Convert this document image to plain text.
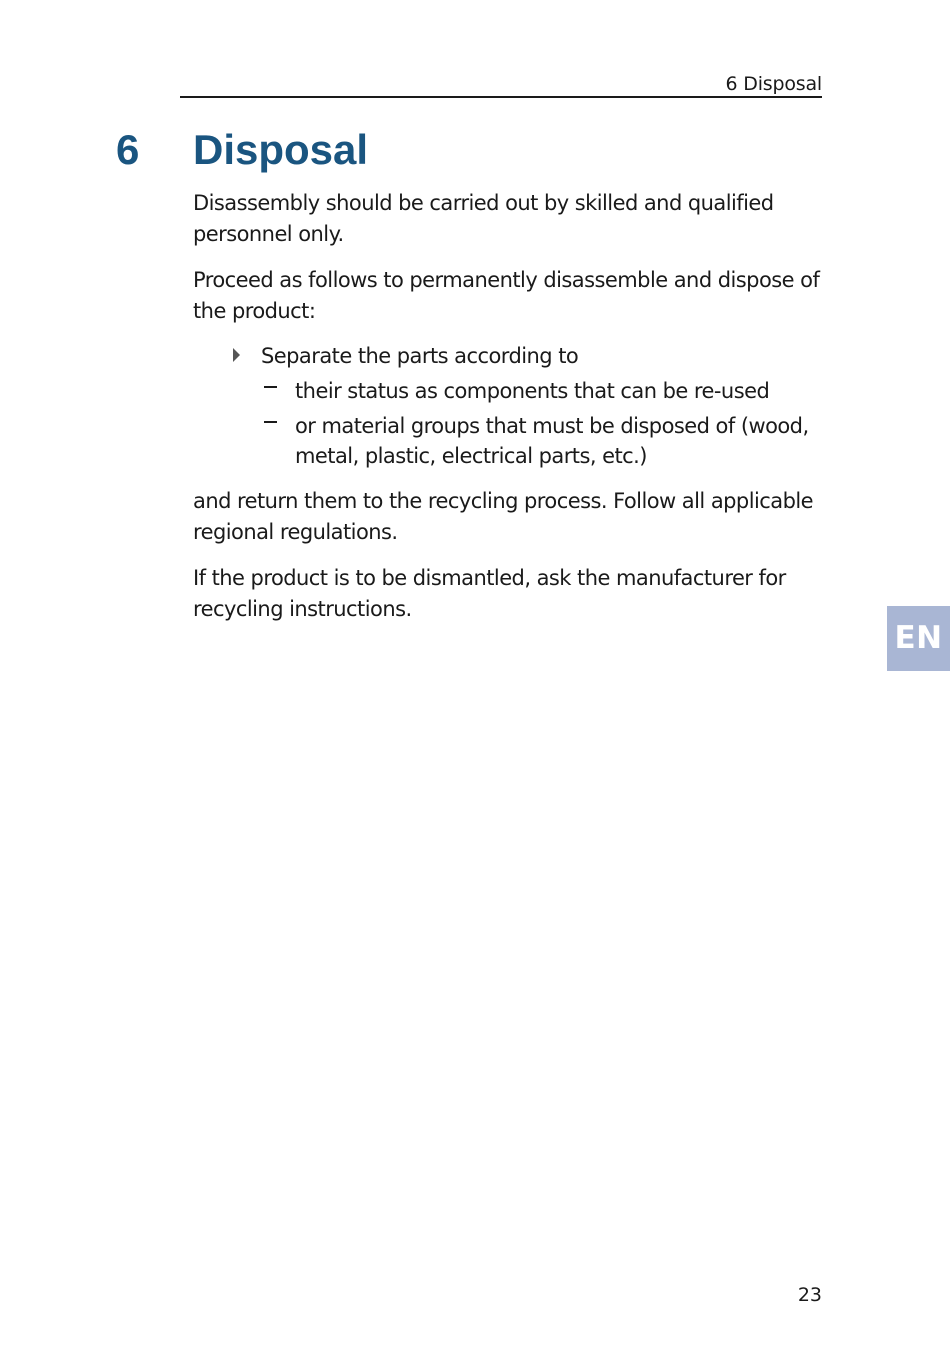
6 Disposal
6 Disposal

Disassembly should be carried out by skilled and qualified personnel only.

Proceed as follows to permanently disassemble and dispose of the product:

Separate the parts according to
their status as components that can be re-used
or material groups that must be disposed of (wood, metal, plastic, electrical parts, etc.)

and return them to the recycling process. Follow all applicable regional regulations.

If the product is to be dismantled, ask the manufacturer for recycling instructions.

EN
23
